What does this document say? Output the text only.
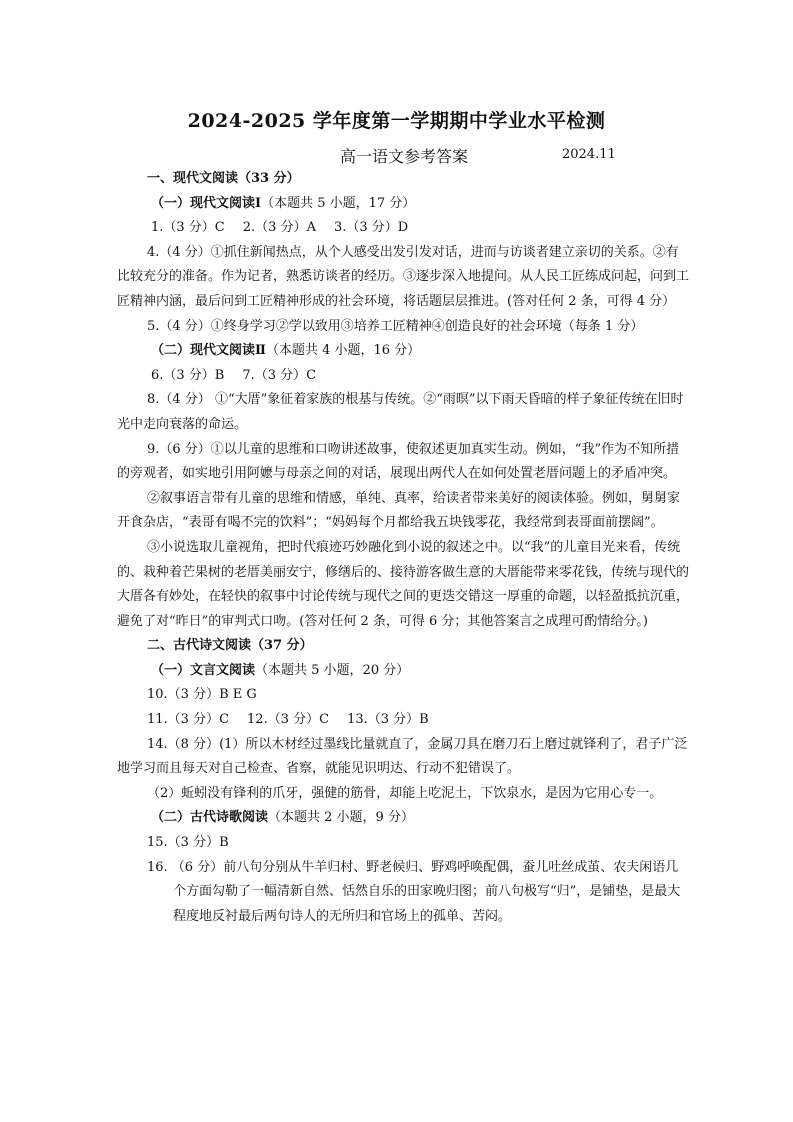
2024-2025 学年度第一学期期中学业水平检测
高一语文参考答案	2024.11

一、现代文阅读（33 分）

（一）现代文阅读Ⅰ（本题共 5 小题，17 分）

1.（3 分）C 2.（3 分）A 3.（3 分）D

4.（4 分）①抓住新闻热点，从个人感受出发引发对话，进而与访谈者建立亲切的关系。②有比较充分的准备。作为记者，熟悉访谈者的经历。③逐步深入地提问。从人民工匠练成问起，问到工匠精神内涵，最后问到工匠精神形成的社会环境，将话题层层推进。(答对任何 2 条，可得 4 分）

5.（4 分）①终身学习②学以致用③培养工匠精神④创造良好的社会环境（每条 1 分）

（二）现代文阅读Ⅱ（本题共 4 小题，16 分）

6.（3 分）B 7.（3 分）C

8.（4 分） ①“大厝”象征着家族的根基与传统。②“雨暝”以下雨天昏暗的样子象征传统在旧时光中走向衰落的命运。

9.（6 分）①以儿童的思维和口吻讲述故事，使叙述更加真实生动。例如，“我”作为不知所措的旁观者，如实地引用阿嬷与母亲之间的对话，展现出两代人在如何处置老厝问题上的矛盾冲突。

②叙事语言带有儿童的思维和情感，单纯、真率，给读者带来美好的阅读体验。例如，舅舅家开食杂店，“表哥有喝不完的饮料”；“妈妈每个月都给我五块钱零花，我经常到表哥面前摆阔”。

③小说选取儿童视角，把时代痕迹巧妙融化到小说的叙述之中。以“我”的儿童目光来看，传统的、栽种着芒果树的老厝美丽安宁，修缮后的、接待游客做生意的大厝能带来零花钱，传统与现代的大厝各有妙处，在轻快的叙事中讨论传统与现代之间的更迭交错这一厚重的命题，以轻盈抵抗沉重，避免了对“昨日”的审判式口吻。(答对任何 2 条，可得 6 分；其他答案言之成理可酌情给分。)

二、古代诗文阅读（37 分）

（一）文言文阅读（本题共 5 小题，20 分）

10.（3 分）B E G

11.（3 分）C 12.（3 分）C 13.（3 分）B

14.（8 分）(1）所以木材经过墨线比量就直了，金属刀具在磨刀石上磨过就锋利了，君子广泛地学习而且每天对自己检查、省察，就能见识明达、行动不犯错误了。

（2）蚯蚓没有锋利的爪牙，强健的筋骨，却能上吃泥土，下饮泉水，是因为它用心专一。

（二）古代诗歌阅读（本题共 2 小题，9 分）

15.（3 分）B

16. （6 分）前八句分别从牛羊归村、野老候归、野鸡呼唤配偶，蚕儿吐丝成茧、农夫闲语几个方面勾勒了一幅清新自然、恬然自乐的田家晚归图；前八句极写“归”，是铺垫，是最大程度地反衬最后两句诗人的无所归和官场上的孤单、苦闷。
